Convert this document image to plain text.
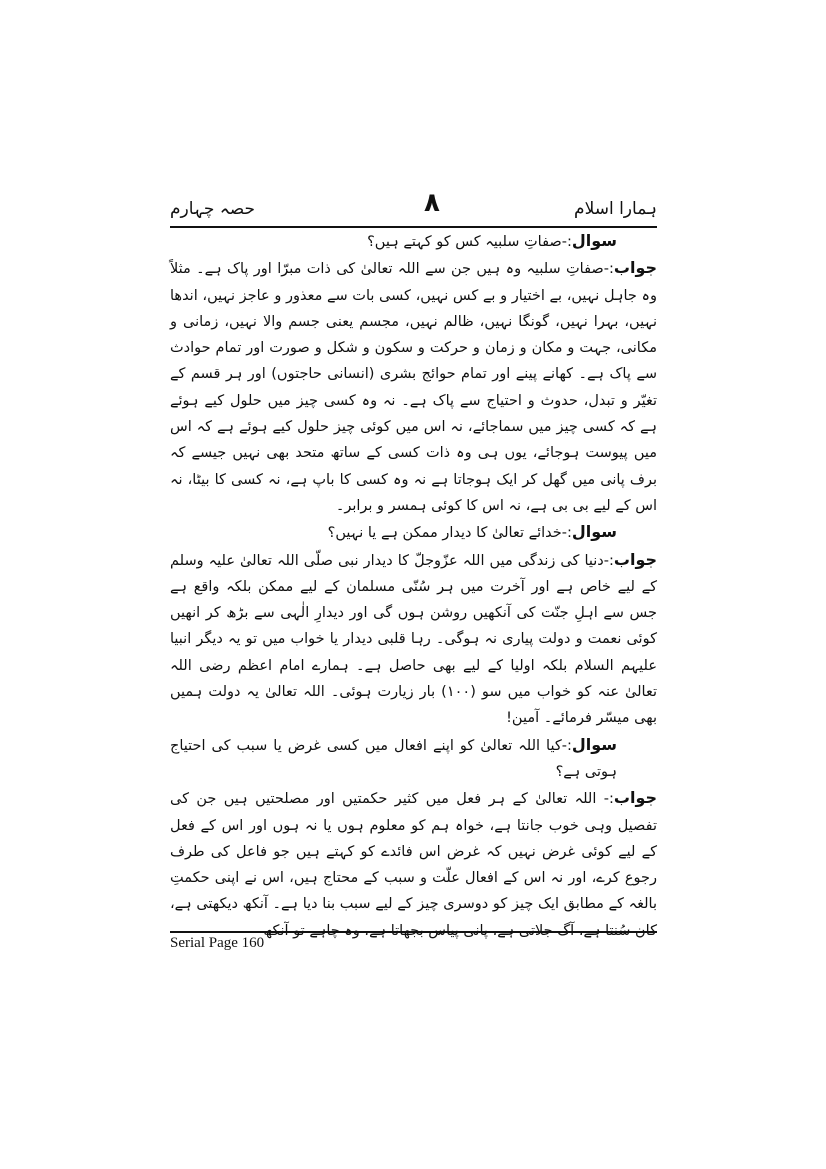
ہمارا اسلام
۸
حصہ چہارم

سوال:-صفاتِ سلبیہ کس کو کہتے ہیں؟

جواب:-صفاتِ سلبیہ وہ ہیں جن سے اللہ تعالیٰ کی ذات مبرّا اور پاک ہے۔ مثلاً وہ جاہل نہیں، بے اختیار و بے کس نہیں، کسی بات سے معذور و عاجز نہیں، اندھا نہیں، بہرا نہیں، گونگا نہیں، ظالم نہیں، مجسم یعنی جسم والا نہیں، زمانی و مکانی، جہت و مکان و زمان و حرکت و سکون و شکل و صورت اور تمام حوادث سے پاک ہے۔ کھانے پینے اور تمام حوائج بشری (انسانی حاجتوں) اور ہر قسم کے تغیّر و تبدل، حدوث و احتیاج سے پاک ہے۔ نہ وہ کسی چیز میں حلول کیے ہوئے ہے کہ کسی چیز میں سماجائے، نہ اس میں کوئی چیز حلول کیے ہوئے ہے کہ اس میں پیوست ہوجائے، یوں ہی وہ ذات کسی کے ساتھ متحد بھی نہیں جیسے کہ برف پانی میں گھل کر ایک ہوجاتا ہے نہ وہ کسی کا باپ ہے، نہ کسی کا بیٹا، نہ اس کے لیے بی بی ہے، نہ اس کا کوئی ہمسر و برابر۔

سوال:-خدائے تعالیٰ کا دیدار ممکن ہے یا نہیں؟

جواب:-دنیا کی زندگی میں اللہ عزّوجلّ کا دیدار نبی صلّی اللہ تعالیٰ علیہ وسلم کے لیے خاص ہے اور آخرت میں ہر سُنّی مسلمان کے لیے ممکن بلکہ واقع ہے جس سے اہلِ جنّت کی آنکھیں روشن ہوں گی اور دیدارِ الٰہی سے بڑھ کر انھیں کوئی نعمت و دولت پیاری نہ ہوگی۔ رہا قلبی دیدار یا خواب میں تو یہ دیگر انبیا علیہم السلام بلکہ اولیا کے لیے بھی حاصل ہے۔ ہمارے امام اعظم رضی اللہ تعالیٰ عنہ کو خواب میں سو (۱۰۰) بار زیارت ہوئی۔ اللہ تعالیٰ یہ دولت ہمیں بھی میسّر فرمائے۔ آمین!

سوال:-کیا اللہ تعالیٰ کو اپنے افعال میں کسی غرض یا سبب کی احتیاج ہوتی ہے؟

جواب:- اللہ تعالیٰ کے ہر فعل میں کثیر حکمتیں اور مصلحتیں ہیں جن کی تفصیل وہی خوب جانتا ہے، خواہ ہم کو معلوم ہوں یا نہ ہوں اور اس کے فعل کے لیے کوئی غرض نہیں کہ غرض اس فائدے کو کہتے ہیں جو فاعل کی طرف رجوع کرے، اور نہ اس کے افعال علّت و سبب کے محتاج ہیں، اس نے اپنی حکمتِ بالغہ کے مطابق ایک چیز کو دوسری چیز کے لیے سبب بنا دیا ہے۔ آنکھ دیکھتی ہے، کان سُنتا ہے، آگ جلاتی ہے، پانی پیاس بجھاتا ہے، وہ چاہے تو آنکھ

Serial Page 160
